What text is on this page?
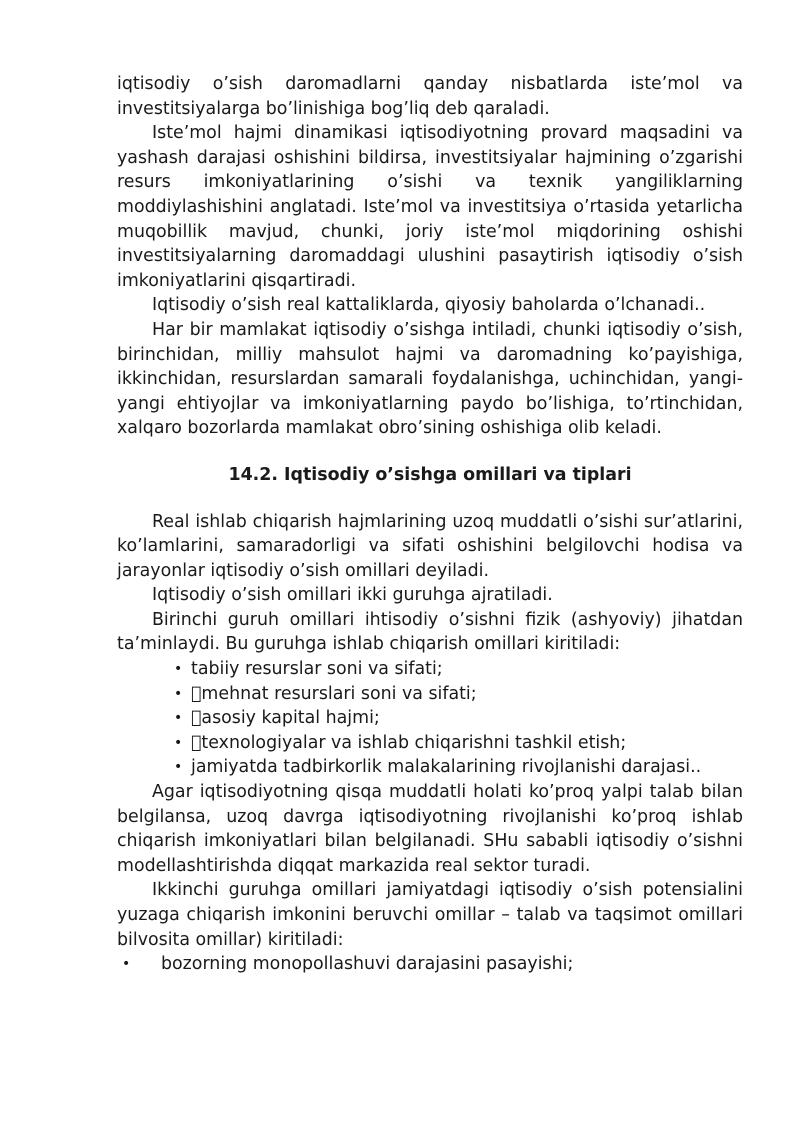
iqtisodiy o’sish daromadlarni qanday nisbatlarda iste’mol va investitsiyalarga bo’linishiga bog’liq deb qaraladi.

Iste’mol hajmi dinamikasi iqtisodiyotning provard maqsadini va yashash darajasi oshishini bildirsa, investitsiyalar hajmining o’zgarishi resurs imkoniyatlarining o’sishi va texnik yangiliklarning moddiylashishini anglatadi. Iste’mol va investitsiya o’rtasida yetarlicha muqobillik mavjud, chunki, joriy iste’mol miqdorining oshishi investitsiyalarning daromaddagi ulushini pasaytirish iqtisodiy o’sish imkoniyatlarini qisqartiradi.

Iqtisodiy o’sish real kattaliklarda, qiyosiy baholarda o’lchanadi..

Har bir mamlakat iqtisodiy o’sishga intiladi, chunki iqtisodiy o’sish, birinchidan, milliy mahsulot hajmi va daromadning ko’payishiga, ikkinchidan, resurslardan samarali foydalanishga, uchinchidan, yangi-yangi ehtiyojlar va imkoniyatlarning paydo bo’lishiga, to’rtinchidan, xalqaro bozorlarda mamlakat obro’sining oshishiga olib keladi.

14.2. Iqtisodiy o’sishga omillari va tiplari

Real ishlab chiqarish hajmlarining uzoq muddatli o’sishi sur’atlarini, ko’lamlarini, samaradorligi va sifati oshishini belgilovchi hodisa va jarayonlar iqtisodiy o’sish omillari deyiladi.

Iqtisodiy o’sish omillari ikki guruhga ajratiladi.

Birinchi guruh omillari ihtisodiy o’sishni fizik (ashyoviy) jihatdan ta’minlaydi. Bu guruhga ishlab chiqarish omillari kiritiladi:

• tabiiy resurslar soni va sifati;
• mehnat resurslari soni va sifati;
• asosiy kapital hajmi;
• texnologiyalar va ishlab chiqarishni tashkil etish;
• jamiyatda tadbirkorlik malakalarining rivojlanishi darajasi..

Agar iqtisodiyotning qisqa muddatli holati ko’proq yalpi talab bilan belgilansa, uzoq davrga iqtisodiyotning rivojlanishi ko’proq ishlab chiqarish imkoniyatlari bilan belgilanadi. SHu sababli iqtisodiy o’sishni modellashtirishda diqqat markazida real sektor turadi.

Ikkinchi guruhga omillari jamiyatdagi iqtisodiy o’sish potensialini yuzaga chiqarish imkonini beruvchi omillar – talab va taqsimot omillari bilvosita omillar) kiritiladi:

• bozorning monopollashuvi darajasini pasayishi;
